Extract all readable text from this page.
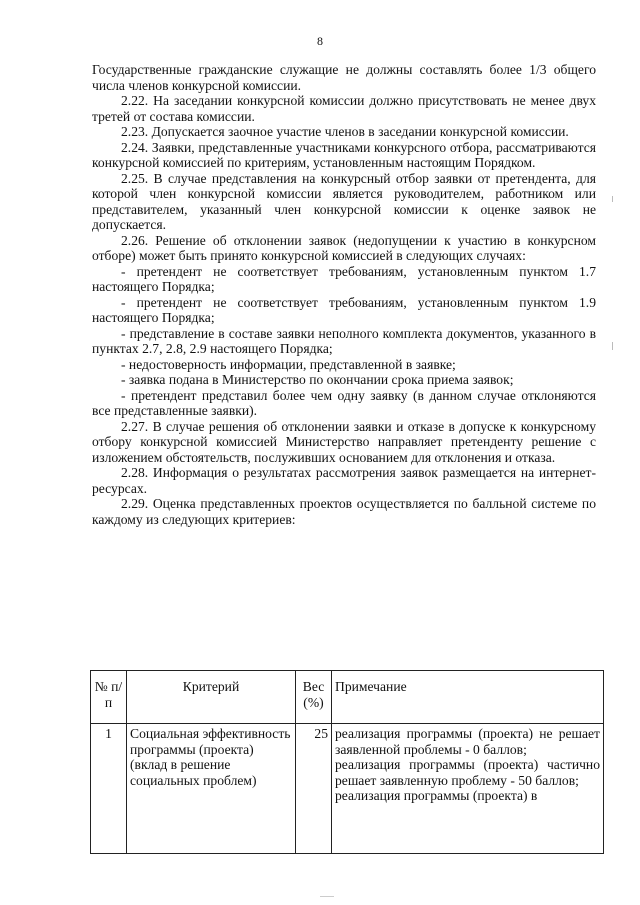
8

Государственные гражданские служащие не должны составлять более 1/3 общего числа членов конкурсной комиссии.

2.22. На заседании конкурсной комиссии должно присутствовать не менее двух третей от состава комиссии.

2.23. Допускается заочное участие членов в заседании конкурсной комиссии.

2.24. Заявки, представленные участниками конкурсного отбора, рассматриваются конкурсной комиссией по критериям, установленным настоящим Порядком.

2.25. В случае представления на конкурсный отбор заявки от претендента, для которой член конкурсной комиссии является руководителем, работником или представителем, указанный член конкурсной комиссии к оценке заявок не допускается.

2.26. Решение об отклонении заявок (недопущении к участию в конкурсном отборе) может быть принято конкурсной комиссией в следующих случаях:

- претендент не соответствует требованиям, установленным пунктом 1.7 настоящего Порядка;

- претендент не соответствует требованиям, установленным пунктом 1.9 настоящего Порядка;

- представление в составе заявки неполного комплекта документов, указанного в пунктах 2.7, 2.8, 2.9 настоящего Порядка;

- недостоверность информации, представленной в заявке;

- заявка подана в Министерство по окончании срока приема заявок;

- претендент представил более чем одну заявку (в данном случае отклоняются все представленные заявки).

2.27. В случае решения об отклонении заявки и отказе в допуске к конкурсному отбору конкурсной комиссией Министерство направляет претенденту решение с изложением обстоятельств, послуживших основанием для отклонения и отказа.

2.28. Информация о результатах рассмотрения заявок размещается на интернет-ресурсах.

2.29. Оценка представленных проектов осуществляется по балльной системе по каждому из следующих критериев:

№ п/п	Критерий	Вес (%)	Примечание
1	Социальная эффективность программы (проекта) (вклад в решение социальных проблем)	25	реализация программы (проекта) не решает заявленной проблемы - 0 баллов;
реализация программы (проекта) частично решает заявленную проблему - 50 баллов;
реализация программы (проекта) в
